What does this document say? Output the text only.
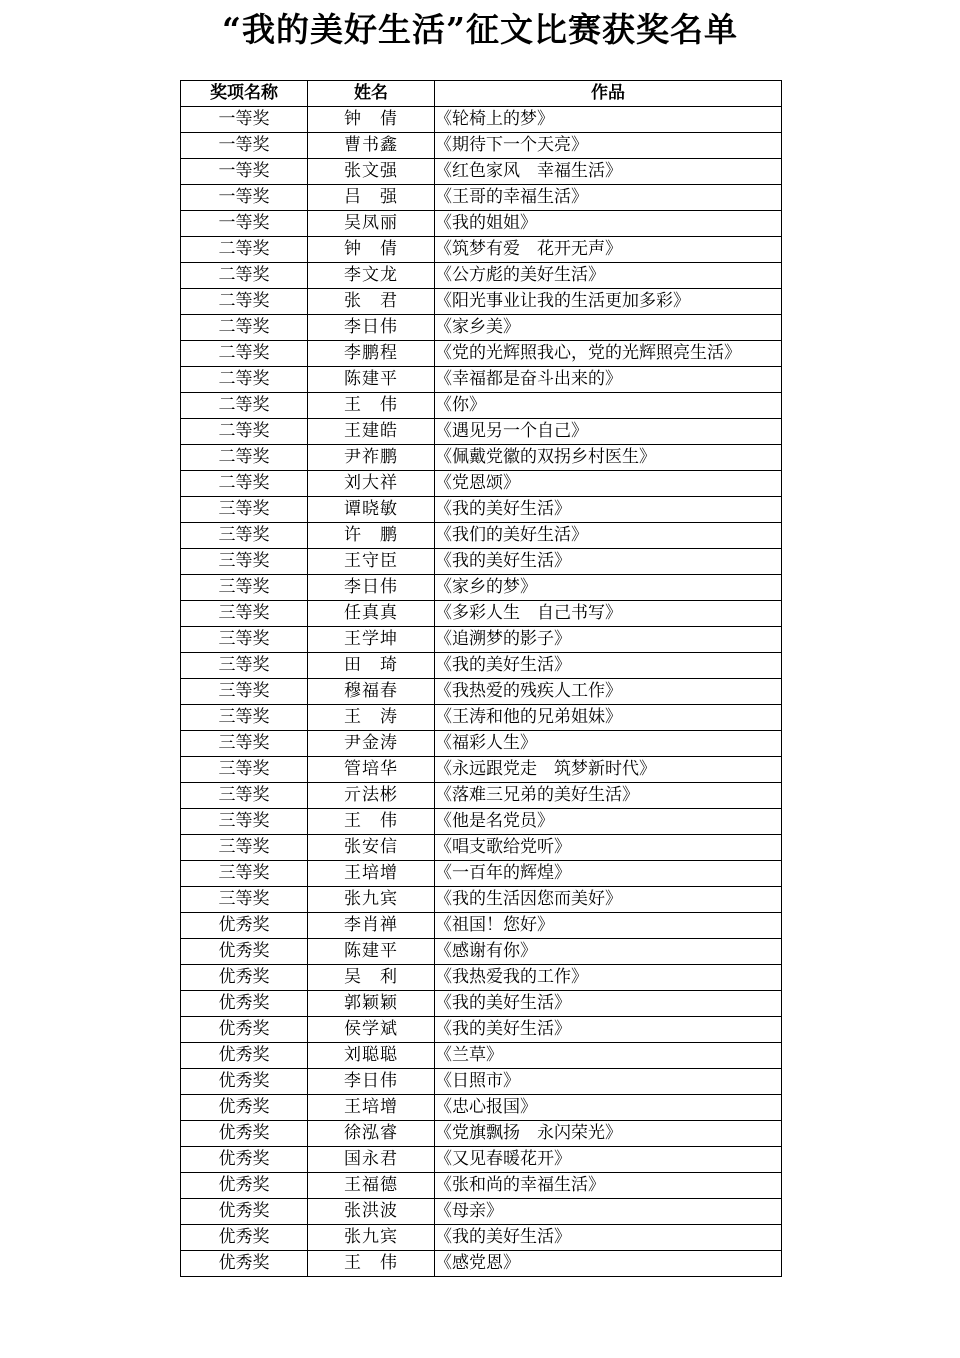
“我的美好生活”征文比赛获奖名单
奖项名称	姓名	作品
一等奖	钟　倩	《轮椅上的梦》
一等奖	曹书鑫	《期待下一个天亮》
一等奖	张文强	《红色家风　幸福生活》
一等奖	吕　强	《王哥的幸福生活》
一等奖	吴凤丽	《我的姐姐》
二等奖	钟　倩	《筑梦有爱　花开无声》
二等奖	李文龙	《公方彪的美好生活》
二等奖	张　君	《阳光事业让我的生活更加多彩》
二等奖	李日伟	《家乡美》
二等奖	李鹏程	《党的光辉照我心，党的光辉照亮生活》
二等奖	陈建平	《幸福都是奋斗出来的》
二等奖	王　伟	《你》
二等奖	王建皓	《遇见另一个自己》
二等奖	尹祚鹏	《佩戴党徽的双拐乡村医生》
二等奖	刘大祥	《党恩颂》
三等奖	谭晓敏	《我的美好生活》
三等奖	许　鹏	《我们的美好生活》
三等奖	王守臣	《我的美好生活》
三等奖	李日伟	《家乡的梦》
三等奖	任真真	《多彩人生　自己书写》
三等奖	王学坤	《追溯梦的影子》
三等奖	田　琦	《我的美好生活》
三等奖	穆福春	《我热爱的残疾人工作》
三等奖	王　涛	《王涛和他的兄弟姐妹》
三等奖	尹金涛	《福彩人生》
三等奖	管培华	《永远跟党走　筑梦新时代》
三等奖	亓法彬	《落难三兄弟的美好生活》
三等奖	王　伟	《他是名党员》
三等奖	张安信	《唱支歌给党听》
三等奖	王培增	《一百年的辉煌》
三等奖	张九宾	《我的生活因您而美好》
优秀奖	李肖禅	《祖国！您好》
优秀奖	陈建平	《感谢有你》
优秀奖	吴　利	《我热爱我的工作》
优秀奖	郭颖颖	《我的美好生活》
优秀奖	侯学斌	《我的美好生活》
优秀奖	刘聪聪	《兰草》
优秀奖	李日伟	《日照市》
优秀奖	王培增	《忠心报国》
优秀奖	徐泓睿	《党旗飘扬　永闪荣光》
优秀奖	国永君	《又见春暖花开》
优秀奖	王福德	《张和尚的幸福生活》
优秀奖	张洪波	《母亲》
优秀奖	张九宾	《我的美好生活》
优秀奖	王　伟	《感党恩》
